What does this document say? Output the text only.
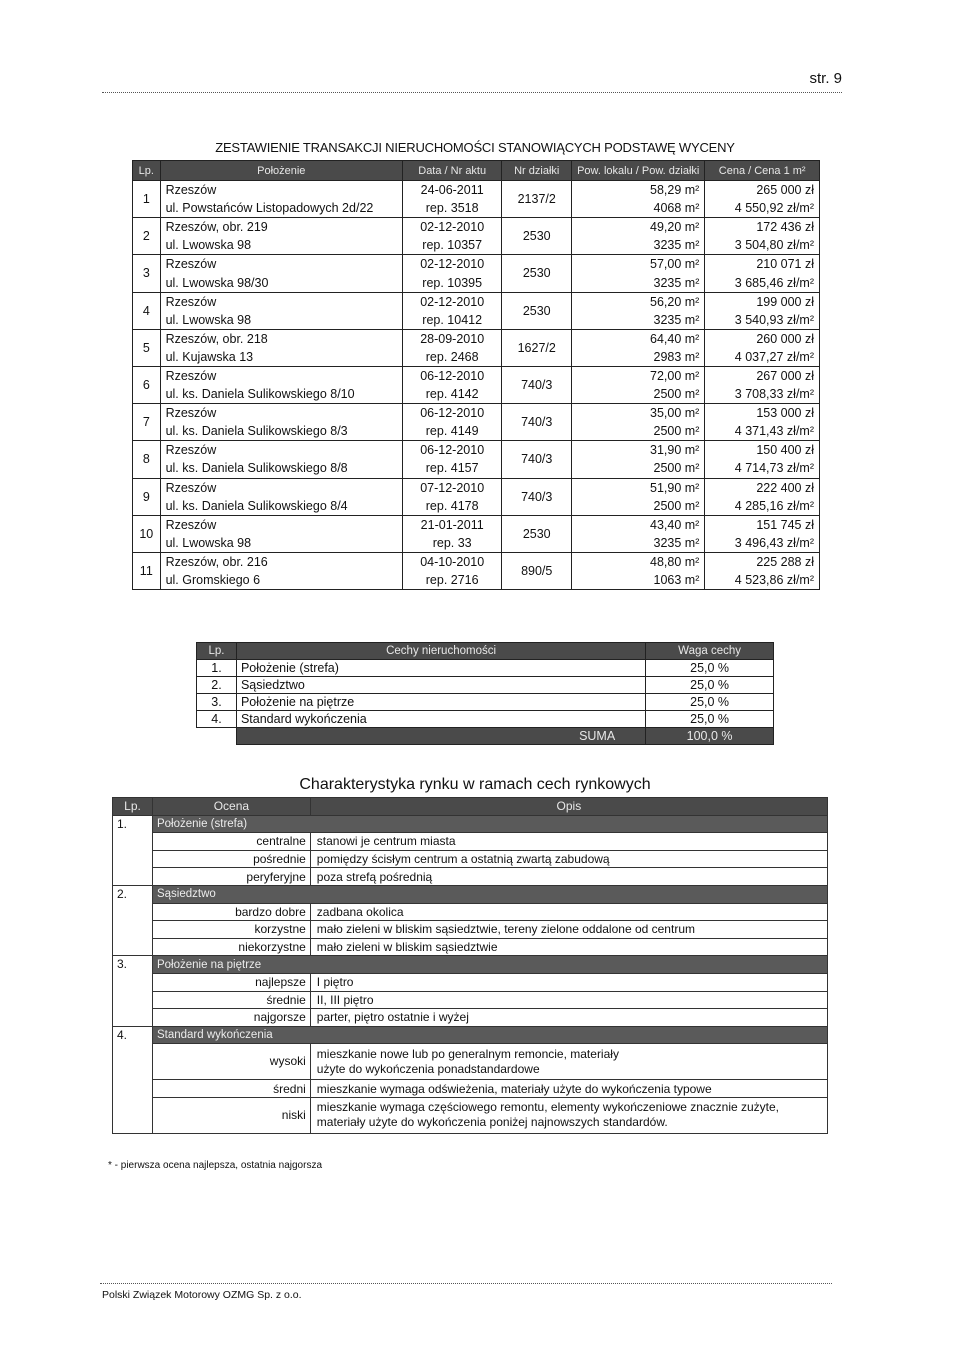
str. 9
ZESTAWIENIE TRANSAKCJI NIERUCHOMOŚCI STANOWIĄCYCH PODSTAWĘ WYCENY
Lp.	Położenie	Data / Nr aktu	Nr działki	Pow. lokalu / Pow. działki	Cena / Cena 1 m²
1	Rzeszów	24-06-2011	2137/2	58,29 m²	265 000 zł
	ul. Powstańców Listopadowych 2d/22	rep. 3518		4068 m²	4 550,92 zł/m²
2	Rzeszów, obr. 219	02-12-2010	2530	49,20 m²	172 436 zł
	ul. Lwowska 98	rep. 10357		3235 m²	3 504,80 zł/m²
3	Rzeszów	02-12-2010	2530	57,00 m²	210 071 zł
	ul. Lwowska 98/30	rep. 10395		3235 m²	3 685,46 zł/m²
4	Rzeszów	02-12-2010	2530	56,20 m²	199 000 zł
	ul. Lwowska 98	rep. 10412		3235 m²	3 540,93 zł/m²
5	Rzeszów, obr. 218	28-09-2010	1627/2	64,40 m²	260 000 zł
	ul. Kujawska 13	rep. 2468		2983 m²	4 037,27 zł/m²
6	Rzeszów	06-12-2010	740/3	72,00 m²	267 000 zł
	ul. ks. Daniela Sulikowskiego 8/10	rep. 4142		2500 m²	3 708,33 zł/m²
7	Rzeszów	06-12-2010	740/3	35,00 m²	153 000 zł
	ul. ks. Daniela Sulikowskiego 8/3	rep. 4149		2500 m²	4 371,43 zł/m²
8	Rzeszów	06-12-2010	740/3	31,90 m²	150 400 zł
	ul. ks. Daniela Sulikowskiego 8/8	rep. 4157		2500 m²	4 714,73 zł/m²
9	Rzeszów	07-12-2010	740/3	51,90 m²	222 400 zł
	ul. ks. Daniela Sulikowskiego 8/4	rep. 4178		2500 m²	4 285,16 zł/m²
10	Rzeszów	21-01-2011	2530	43,40 m²	151 745 zł
	ul. Lwowska 98	rep. 33		3235 m²	3 496,43 zł/m²
11	Rzeszów, obr. 216	04-10-2010	890/5	48,80 m²	225 288 zł
	ul. Gromskiego 6	rep. 2716		1063 m²	4 523,86 zł/m²
Lp.	Cechy nieruchomości	Waga cechy
1.	Położenie (strefa)	25,0 %
2.	Sąsiedztwo	25,0 %
3.	Położenie na piętrze	25,0 %
4.	Standard wykończenia	25,0 %
	SUMA	100,0 %
Charakterystyka rynku w ramach cech rynkowych
Lp.	Ocena	Opis
1.	Położenie (strefa)	
	centralne	stanowi je centrum miasta
	pośrednie	pomiędzy ścisłym centrum a ostatnią zwartą zabudową
	peryferyjne	poza strefą pośrednią
2.	Sąsiedztwo	
	bardzo dobre	zadbana okolica
	korzystne	mało zieleni w bliskim sąsiedztwie, tereny zielone oddalone od centrum
	niekorzystne	mało zieleni w bliskim sąsiedztwie
3.	Położenie na piętrze	
	najlepsze	I piętro
	średnie	II, III piętro
	najgorsze	parter, piętro ostatnie i wyżej
4.	Standard wykończenia	
	wysoki	mieszkanie nowe lub po generalnym remoncie, materiały
użyte do wykończenia ponadstandardowe

	średni	mieszkanie wymaga odświeżenia, materiały użyte do wykończenia typowe
	niski	mieszkanie wymaga częściowego remontu, elementy wykończeniowe znacznie zużyte,
materiały użyte do wykończenia poniżej najnowszych standardów.
* - pierwsza ocena najlepsza, ostatnia najgorsza
Polski Związek Motorowy OZMG Sp. z o.o.
